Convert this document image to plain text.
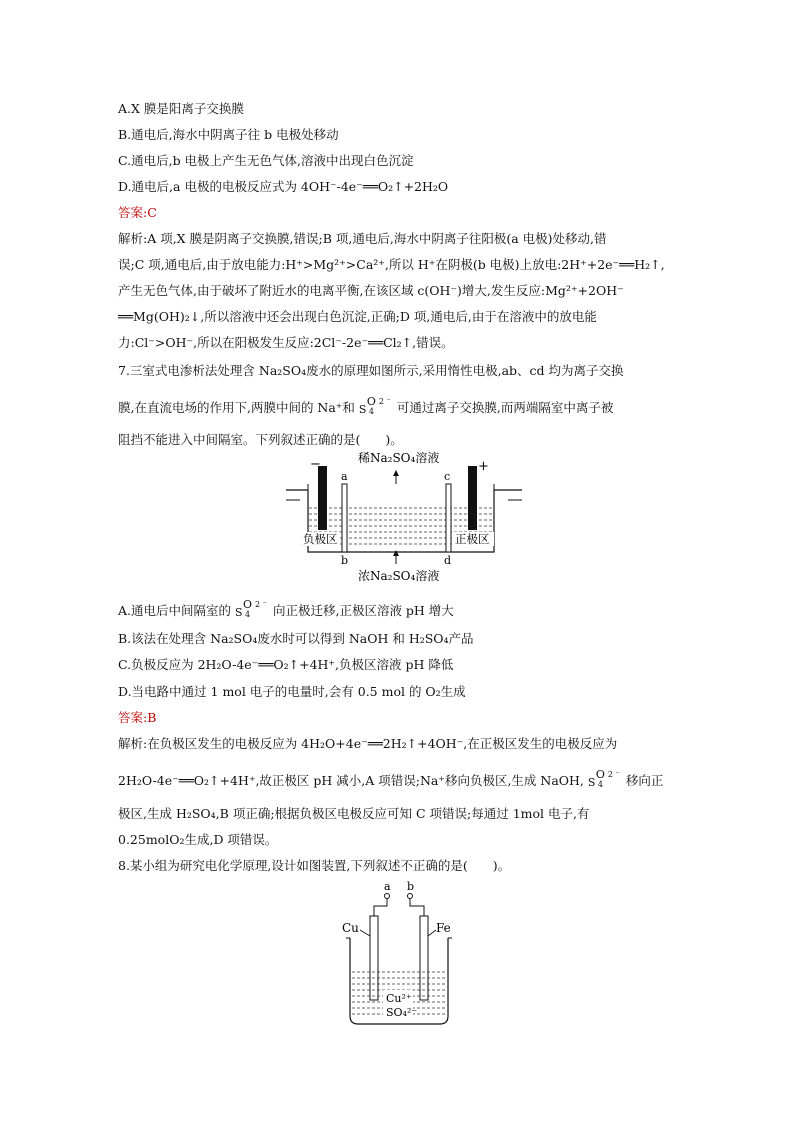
A.X 膜是阳离子交换膜
B.通电后,海水中阴离子往 b 电极处移动
C.通电后,b 电极上产生无色气体,溶液中出现白色沉淀
D.通电后,a 电极的电极反应式为 4OH⁻-4e⁻══O₂↑+2H₂O
答案:C
解析:A 项,X 膜是阴离子交换膜,错误;B 项,通电后,海水中阴离子往阳极(a 电极)处移动,错
误;C 项,通电后,由于放电能力:H⁺>Mg²⁺>Ca²⁺,所以 H⁺在阴极(b 电极)上放电:2H⁺+2e⁻══H₂↑,
产生无色气体,由于破坏了附近水的电离平衡,在该区域 c(OH⁻)增大,发生反应:Mg²⁺+2OH⁻
══Mg(OH)₂↓,所以溶液中还会出现白色沉淀,正确;D 项,通电后,由于在溶液中的放电能
力:Cl⁻>OH⁻,所以在阳极发生反应:2Cl⁻-2e⁻══Cl₂↑,错误。
7.三室式电渗析法处理含 Na₂SO₄废水的原理如图所示,采用惰性电极,ab、cd 均为离子交换
膜,在直流电场的作用下,两膜中间的 Na⁺和 S
O
4
2 ⁻ 可通过离子交换膜,而两端隔室中离子被
阻挡不能进入中间隔室。下列叙述正确的是(　　)。
−	+
a	c
b	d
负极区	正极区
稀Na₂SO₄溶液
浓Na₂SO₄溶液
A.通电后中间隔室的 S
O
4
2 ⁻ 向正极迁移,正极区溶液 pH 增大
B.该法在处理含 Na₂SO₄废水时可以得到 NaOH 和 H₂SO₄产品
C.负极反应为 2H₂O-4e⁻══O₂↑+4H⁺,负极区溶液 pH 降低
D.当电路中通过 1 mol 电子的电量时,会有 0.5 mol 的 O₂生成
答案:B
解析:在负极区发生的电极反应为 4H₂O+4e⁻══2H₂↑+4OH⁻,在正极区发生的电极反应为
2H₂O-4e⁻══O₂↑+4H⁺,故正极区 pH 减小,A 项错误;Na⁺移向负极区,生成 NaOH, S
O
4
2 ⁻ 移向正
极区,生成 H₂SO₄,B 项正确;根据负极区电极反应可知 C 项错误;每通过 1mol 电子,有
0.25molO₂生成,D 项错误。
8.某小组为研究电化学原理,设计如图装置,下列叙述不正确的是(　　)。
a b
Cu	Fe
Cu²⁺
SO₄²⁻
